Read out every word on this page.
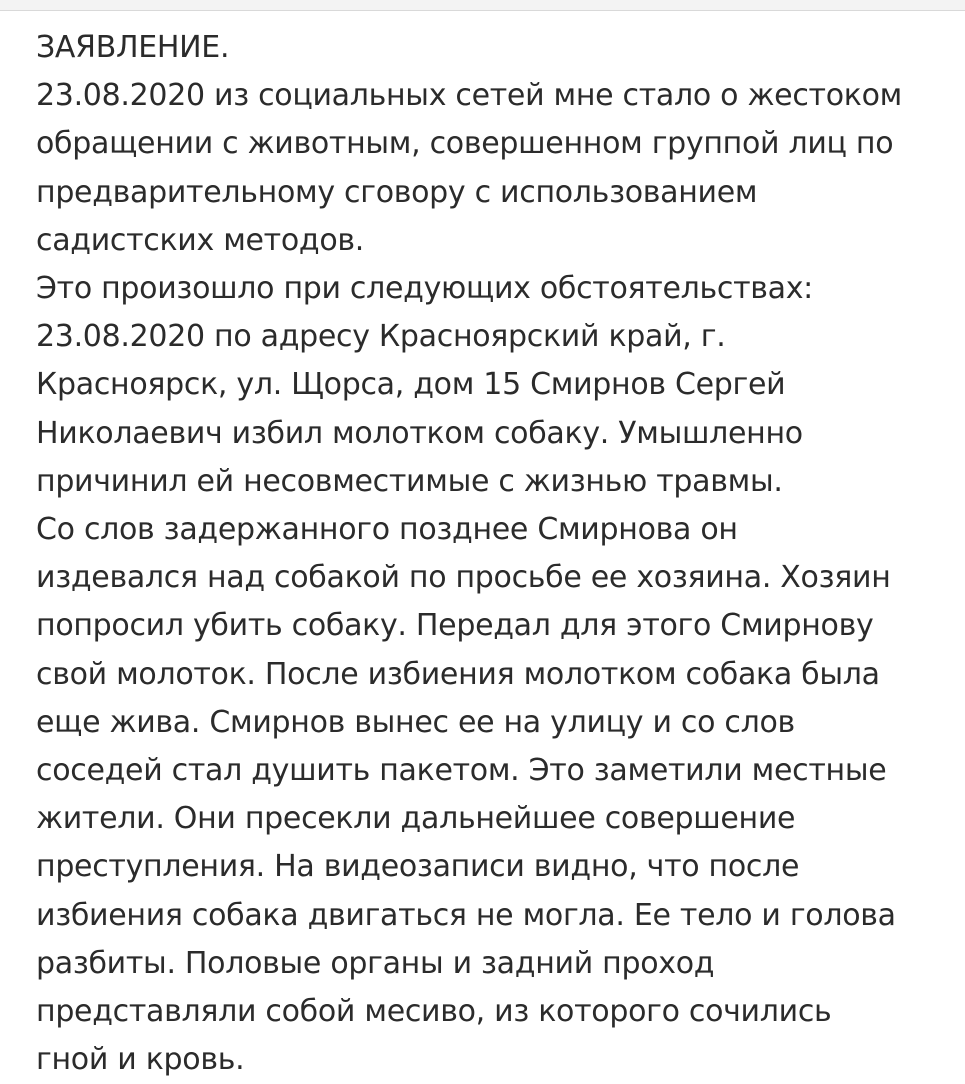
ЗАЯВЛЕНИЕ.
23.08.2020 из социальных сетей мне стало о жестоком
обращении с животным, совершенном группой лиц по
предварительному сговору с использованием
садистских методов.
Это произошло при следующих обстоятельствах:
23.08.2020 по адресу Красноярский край, г.
Красноярск, ул. Щорса, дом 15 Смирнов Сергей
Николаевич избил молотком собаку. Умышленно
причинил ей несовместимые с жизнью травмы.
Со слов задержанного позднее Смирнова он
издевался над собакой по просьбе ее хозяина. Хозяин
попросил убить собаку. Передал для этого Смирнову
свой молоток. После избиения молотком собака была
еще жива. Смирнов вынес ее на улицу и со слов
соседей стал душить пакетом. Это заметили местные
жители. Они пресекли дальнейшее совершение
преступления. На видеозаписи видно, что после
избиения собака двигаться не могла. Ее тело и голова
разбиты. Половые органы и задний проход
представляли собой месиво, из которого сочились
гной и кровь.
